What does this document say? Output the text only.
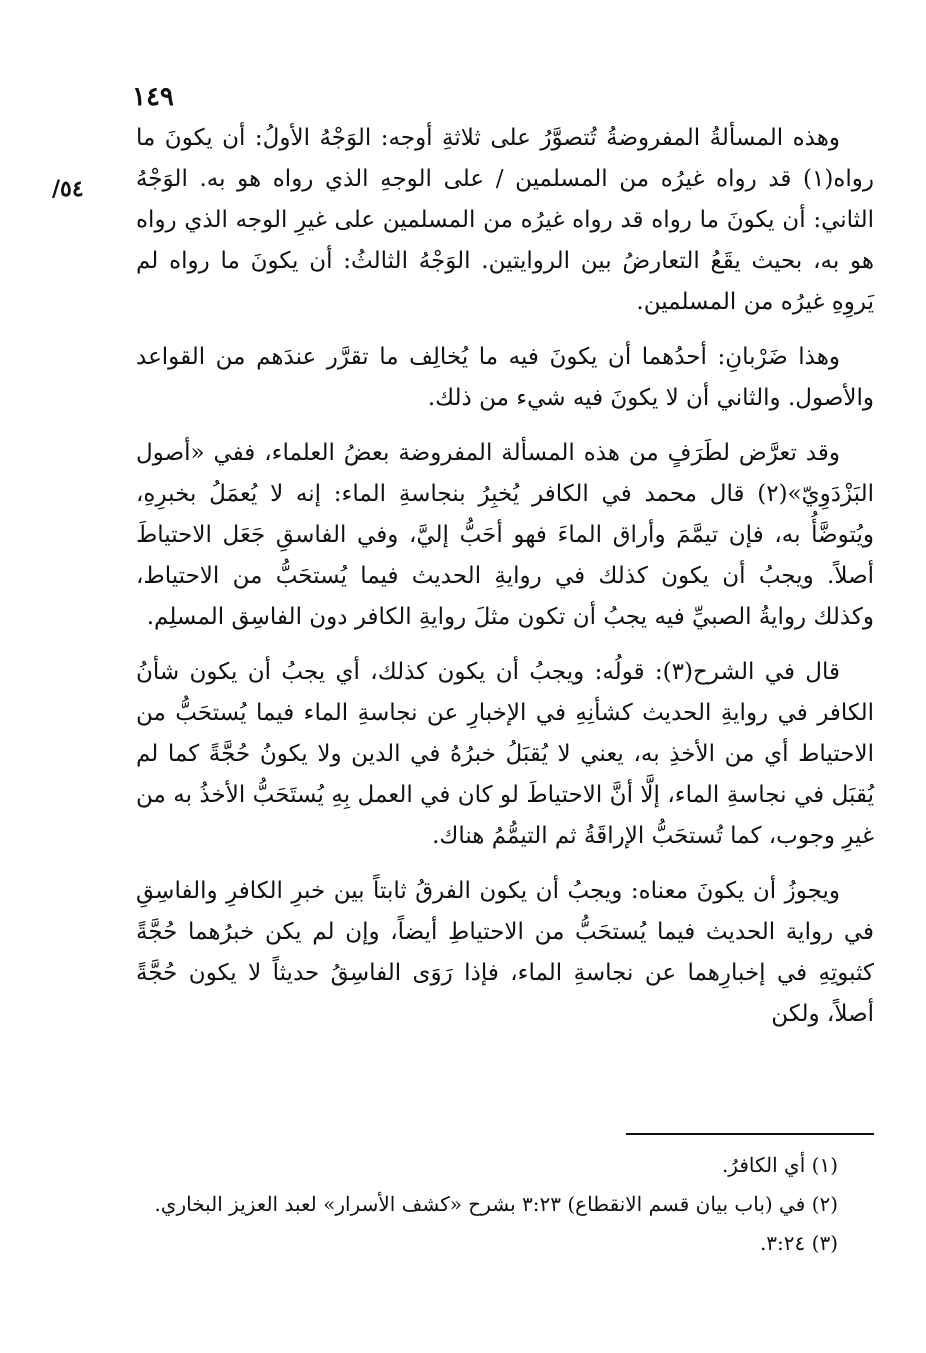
١٤٩
٥٤/

وهذه المسألةُ المفروضةُ تُتصوَّرُ على ثلاثةِ أوجه: الوَجْهُ الأولُ: أن يكونَ ما رواه(١) قد رواه غيرُه من المسلمين / على الوجهِ الذي رواه هو به. الوَجْهُ الثاني: أن يكونَ ما رواه قد رواه غيرُه من المسلمين على غيرِ الوجه الذي رواه هو به، بحيث يقَعُ التعارضُ بين الروايتين. الوَجْهُ الثالثُ: أن يكونَ ما رواه لم يَروِهِ غيرُه من المسلمين.

وهذا ضَرْبانِ: أحدُهما أن يكونَ فيه ما يُخالِف ما تقرَّر عندَهم من القواعد والأصول. والثاني أن لا يكونَ فيه شيء من ذلك.

وقد تعرَّض لطَرَفٍ من هذه المسألة المفروضة بعضُ العلماء، ففي «أصول البَزْدَوِيّ»(٢) قال محمد في الكافر يُخبِرُ بنجاسةِ الماء: إنه لا يُعمَلُ بخبرِهِ، ويُتوضَّأُ به، فإن تيمَّمَ وأراق الماءَ فهو أحَبُّ إليَّ، وفي الفاسقِ جَعَل الاحتياطَ أصلاً. ويجبُ أن يكون كذلك في روايةِ الحديث فيما يُستحَبُّ من الاحتياط، وكذلك روايةُ الصبيِّ فيه يجبُ أن تكون مثلَ روايةِ الكافر دون الفاسِق المسلِم.

قال في الشرح(٣): قولُه: ويجبُ أن يكون كذلك، أي يجبُ أن يكون شأنُ الكافر في روايةِ الحديث كشأنِهِ في الإخبارِ عن نجاسةِ الماء فيما يُستحَبُّ من الاحتياط أي من الأخذِ به، يعني لا يُقبَلُ خبرُهُ في الدين ولا يكونُ حُجَّةً كما لم يُقبَل في نجاسةِ الماء، إلَّا أنَّ الاحتياطَ لو كان في العمل بِهِ يُستَحَبُّ الأخذُ به من غيرِ وجوب، كما تُستحَبُّ الإراقَةُ ثم التيمُّمُ هناك.

ويجوزُ أن يكونَ معناه: ويجبُ أن يكون الفرقُ ثابتاً بين خبرِ الكافرِ والفاسِقِ في رواية الحديث فيما يُستحَبُّ من الاحتياطِ أيضاً، وإن لم يكن خبرُهما حُجَّةً كثبوتِهِ في إخبارِهما عن نجاسةِ الماء، فإذا رَوَى الفاسِقُ حديثاً لا يكون حُجَّةً أصلاً، ولكن

(١) أي الكافرُ.
(٢) في (باب بيان قسم الانقطاع) ٣:٢٣ بشرح «كشف الأسرار» لعبد العزيز البخاري.
(٣) ٣:٢٤.
